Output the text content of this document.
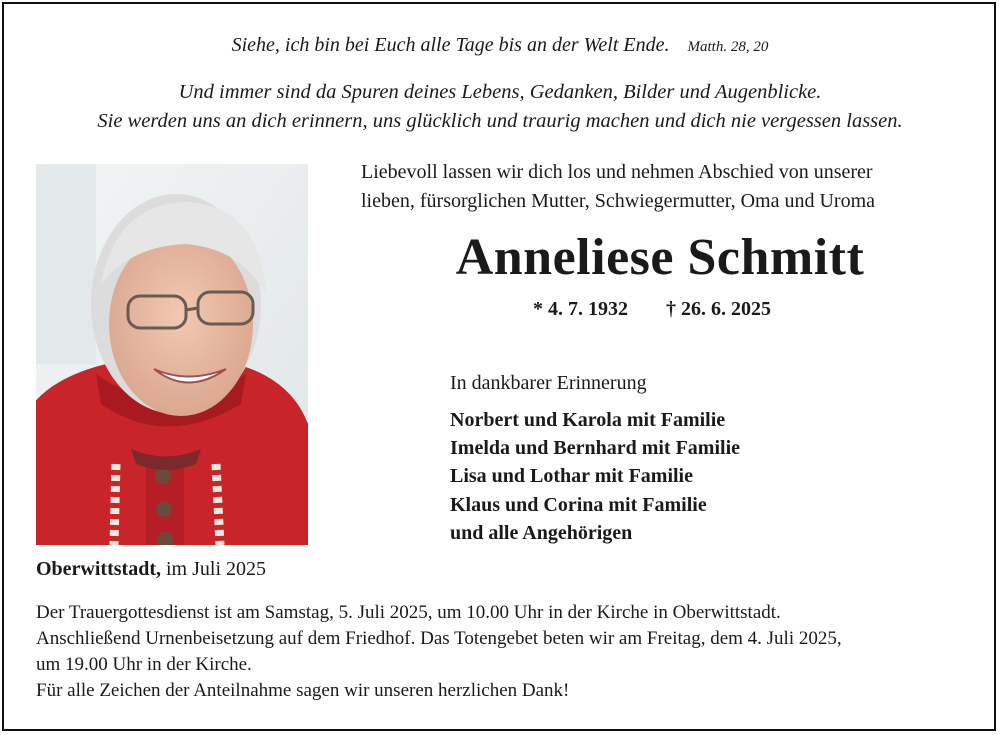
Siehe, ich bin bei Euch alle Tage bis an der Welt Ende. Matth. 28, 20
Und immer sind da Spuren deines Lebens, Gedanken, Bilder und Augenblicke.
Sie werden uns an dich erinnern, uns glücklich und traurig machen und dich nie vergessen lassen.
Liebevoll lassen wir dich los und nehmen Abschied von unserer
lieben, fürsorglichen Mutter, Schwiegermutter, Oma und Uroma
Anneliese Schmitt
* 4. 7. 1932 † 26. 6. 2025
In dankbarer Erinnerung
Norbert und Karola mit Familie
Imelda und Bernhard mit Familie
Lisa und Lothar mit Familie
Klaus und Corina mit Familie
und alle Angehörigen
Oberwittstadt, im Juli 2025
Der Trauergottesdienst ist am Samstag, 5. Juli 2025, um 10.00 Uhr in der Kirche in Oberwittstadt.
Anschließend Urnenbeisetzung auf dem Friedhof. Das Totengebet beten wir am Freitag, dem 4. Juli 2025,
um 19.00 Uhr in der Kirche.
Für alle Zeichen der Anteilnahme sagen wir unseren herzlichen Dank!
